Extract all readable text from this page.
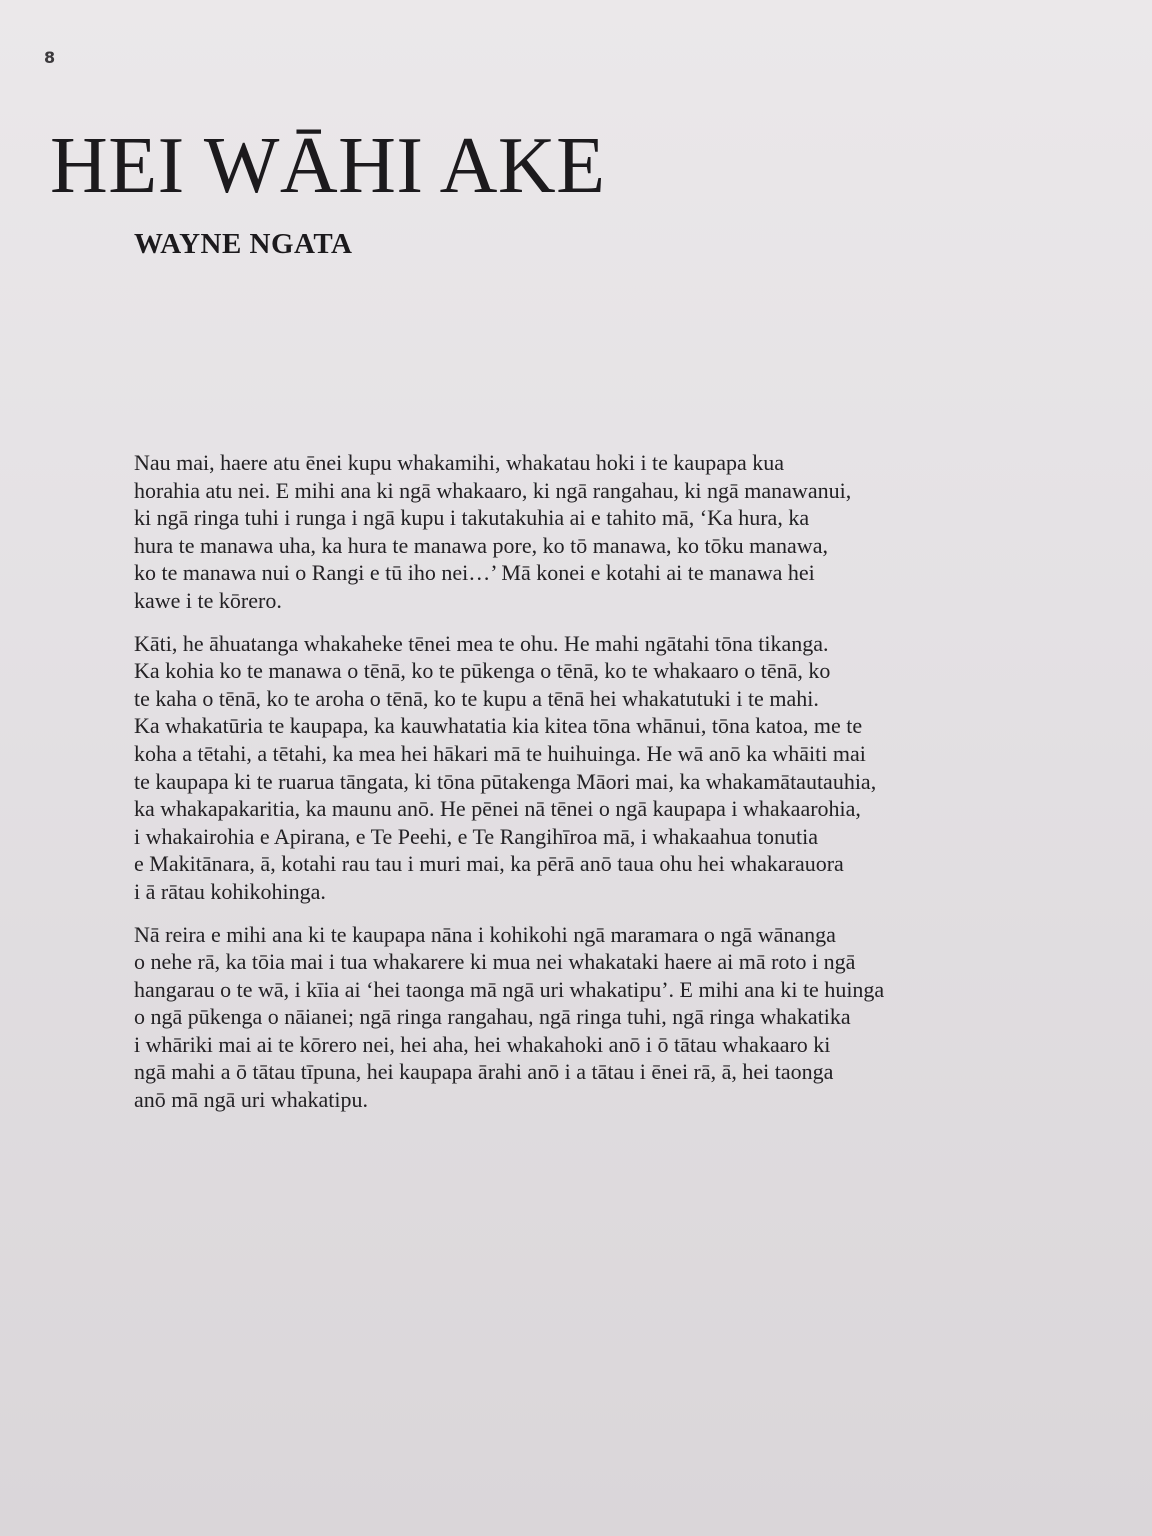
8
HEI WĀHI AKE
WAYNE NGATA

Nau mai, haere atu ēnei kupu whakamihi, whakatau hoki i te kaupapa kua
horahia atu nei. E mihi ana ki ngā whakaaro, ki ngā rangahau, ki ngā manawanui,
ki ngā ringa tuhi i runga i ngā kupu i takutakuhia ai e tahito mā, ‘Ka hura, ka
hura te manawa uha, ka hura te manawa pore, ko tō manawa, ko tōku manawa,
ko te manawa nui o Rangi e tū iho nei…’ Mā konei e kotahi ai te manawa hei
kawe i te kōrero.

Kāti, he āhuatanga whakaheke tēnei mea te ohu. He mahi ngātahi tōna tikanga.
Ka kohia ko te manawa o tēnā, ko te pūkenga o tēnā, ko te whakaaro o tēnā, ko
te kaha o tēnā, ko te aroha o tēnā, ko te kupu a tēnā hei whakatutuki i te mahi.
Ka whakatūria te kaupapa, ka kauwhatatia kia kitea tōna whānui, tōna katoa, me te
koha a tētahi, a tētahi, ka mea hei hākari mā te huihuinga. He wā anō ka whāiti mai
te kaupapa ki te ruarua tāngata, ki tōna pūtakenga Māori mai, ka whakamātautauhia,
ka whakapakaritia, ka maunu anō. He pēnei nā tēnei o ngā kaupapa i whakaarohia,
i whakairohia e Apirana, e Te Peehi, e Te Rangihīroa mā, i whakaahua tonutia
e Makitānara, ā, kotahi rau tau i muri mai, ka pērā anō taua ohu hei whakarauora
i ā rātau kohikohinga.

Nā reira e mihi ana ki te kaupapa nāna i kohikohi ngā maramara o ngā wānanga
o nehe rā, ka tōia mai i tua whakarere ki mua nei whakataki haere ai mā roto i ngā
hangarau o te wā, i kīia ai ‘hei taonga mā ngā uri whakatipu’. E mihi ana ki te huinga
o ngā pūkenga o nāianei; ngā ringa rangahau, ngā ringa tuhi, ngā ringa whakatika
i whāriki mai ai te kōrero nei, hei aha, hei whakahoki anō i ō tātau whakaaro ki
ngā mahi a ō tātau tīpuna, hei kaupapa ārahi anō i a tātau i ēnei rā, ā, hei taonga
anō mā ngā uri whakatipu.
